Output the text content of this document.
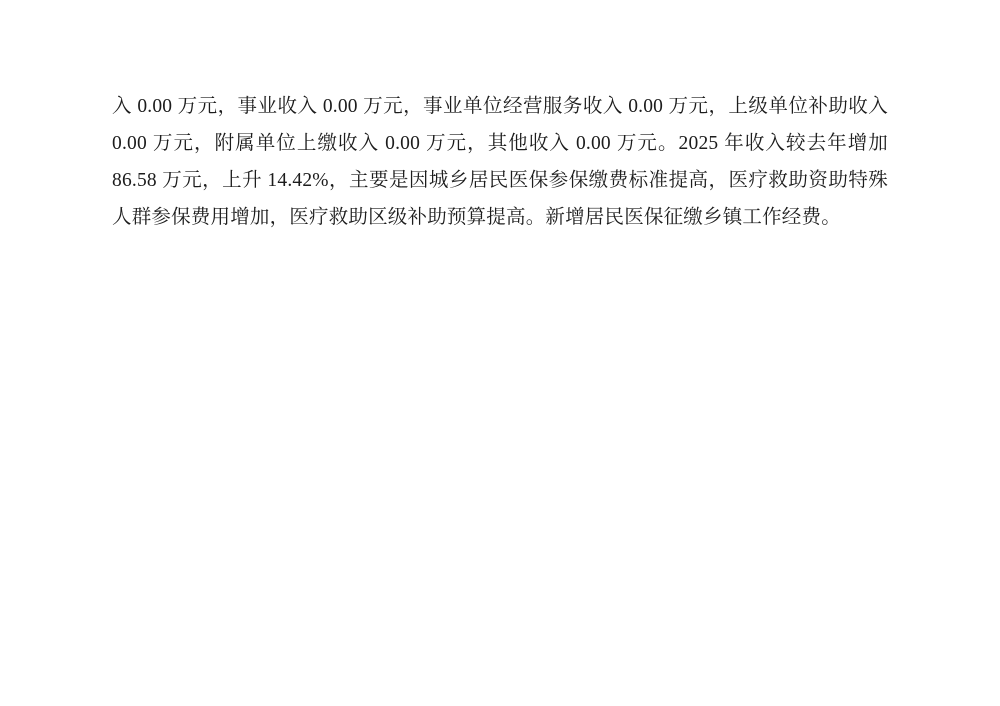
入 0.00 万元，事业收入 0.00 万元，事业单位经营服务收入 0.00 万元，上级单位补助收入 0.00 万元，附属单位上缴收入 0.00 万元，其他收入 0.00 万元。2025 年收入较去年增加 86.58 万元，上升 14.42%，主要是因城乡居民医保参保缴费标准提高，医疗救助资助特殊人群参保费用增加，医疗救助区级补助预算提高。新增居民医保征缴乡镇工作经费。
